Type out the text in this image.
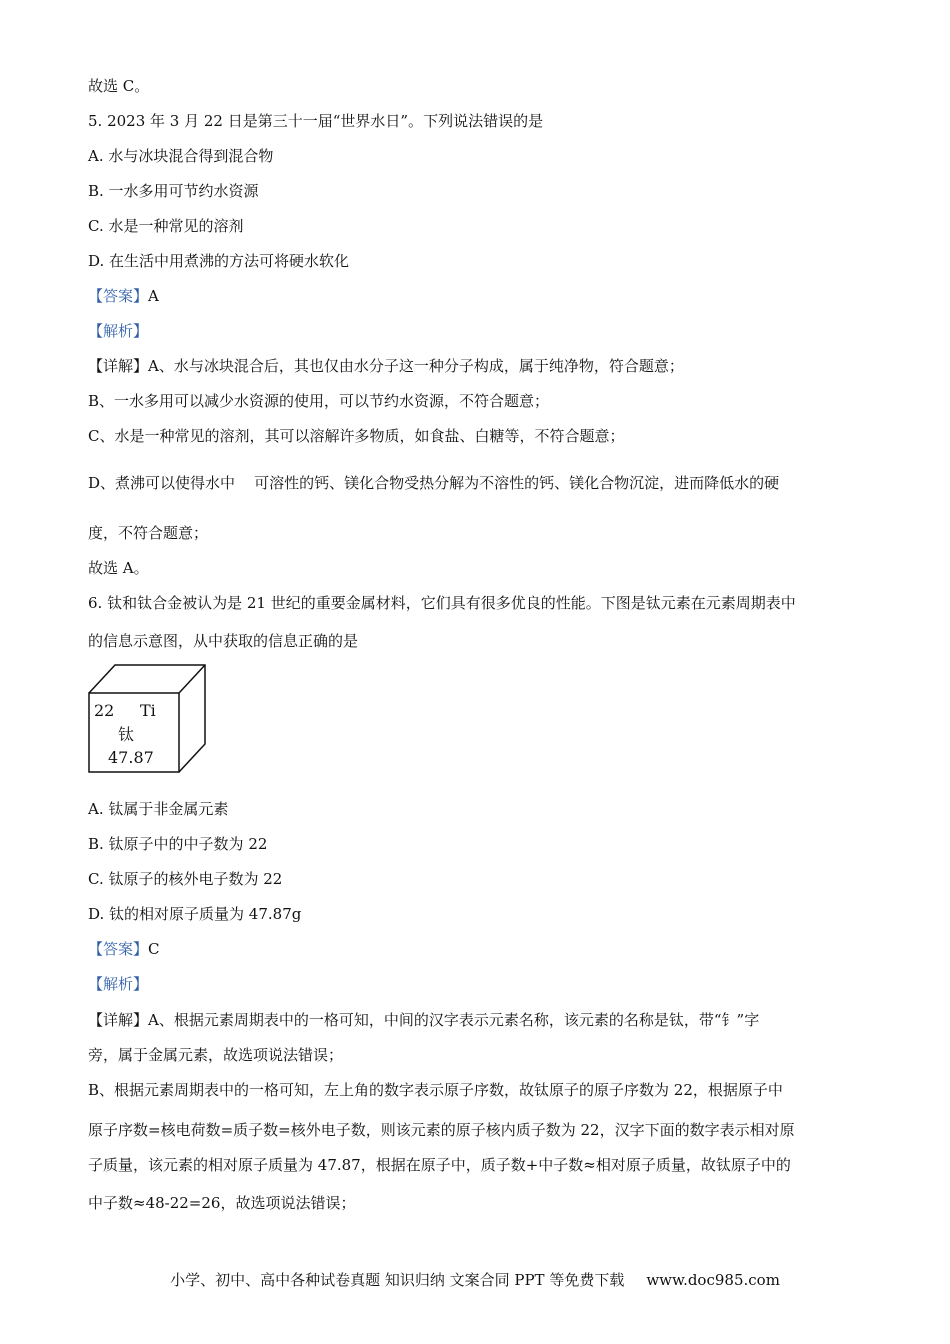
故选 C。
5. 2023 年 3 月 22 日是第三十一届“世界水日”。下列说法错误的是
A. 水与冰块混合得到混合物
B. 一水多用可节约水资源
C. 水是一种常见的溶剂
D. 在生活中用煮沸的方法可将硬水软化
【答案】A
【解析】
【详解】A、水与冰块混合后，其也仅由水分子这一种分子构成，属于纯净物，符合题意；
B、一水多用可以减少水资源的使用，可以节约水资源，不符合题意；
C、水是一种常见的溶剂，其可以溶解许多物质，如食盐、白糖等，不符合题意；
D、煮沸可以使得水中    可溶性的钙、镁化合物受热分解为不溶性的钙、镁化合物沉淀，进而降低水的硬
度，不符合题意；
故选 A。
6. 钛和钛合金被认为是 21 世纪的重要金属材料，它们具有很多优良的性能。下图是钛元素在元素周期表中
的信息示意图，从中获取的信息正确的是
22 Ti
钛
47.87
A. 钛属于非金属元素
B. 钛原子中的中子数为 22
C. 钛原子的核外电子数为 22
D. 钛的相对原子质量为 47.87g
【答案】C
【解析】
【详解】A、根据元素周期表中的一格可知，中间的汉字表示元素名称，该元素的名称是钛，带“钅”字
旁，属于金属元素，故选项说法错误；
B、根据元素周期表中的一格可知，左上角的数字表示原子序数，故钛原子的原子序数为 22，根据原子中
原子序数=核电荷数=质子数=核外电子数，则该元素的原子核内质子数为 22，汉字下面的数字表示相对原
子质量，该元素的相对原子质量为 47.87，根据在原子中，质子数+中子数≈相对原子质量，故钛原子中的
中子数≈48-22=26，故选项说法错误；
小学、初中、高中各种试卷真题 知识归纳 文案合同 PPT 等免费下载 www.doc985.com
